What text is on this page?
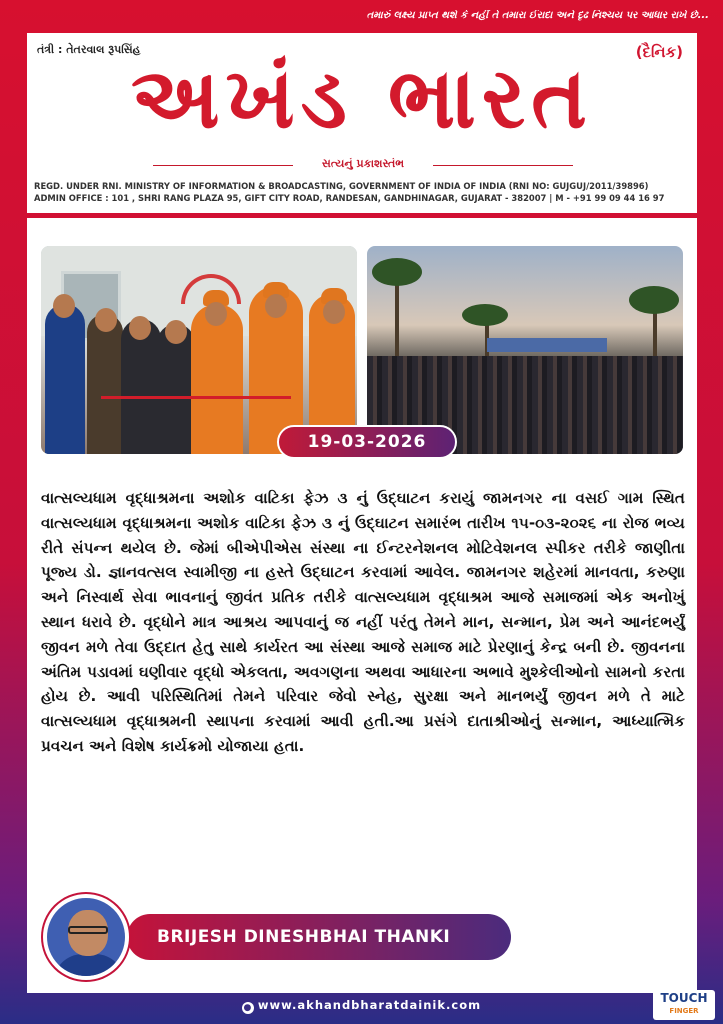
તમારું લક્ષ્ય પ્રાપ્ત થશે કે નહીં તે તમારા ઈરાદા અને દૃઢ નિશ્ચય પર આધાર રાખે છે...
તંત્રી : તેતરવાલ રૂપસિંહ	(દૈનિક)
અખંડ ભારત
સત્યનું પ્રકાશસ્તંભ
REGD. UNDER RNI. MINISTRY OF INFORMATION & BROADCASTING, GOVERNMENT OF INDIA OF INDIA (RNI NO: GUJGUJ/2011/39896)
ADMIN OFFICE : 101 , SHRI RANG PLAZA 95, GIFT CITY ROAD, RANDESAN, GANDHINAGAR, GUJARAT - 382007 | M - +91 99 09 44 16 97
19-03-2026
વાત્સલ્યધામ વૃદ્ધાશ્રમના અશોક વાટિકા ફેઝ ૩ નું ઉદ્ઘાટન કરાયું જામનગર ના વસઈ ગામ સ્થિત વાત્સલ્યધામ વૃદ્ધાશ્રમના અશોક વાટિકા ફેઝ ૩ નું ઉદ્ઘાટન સમારંભ તારીખ ૧૫-૦૩-૨૦૨૬ ના રોજ ભવ્ય રીતે સંપન્ન થયેલ છે. જેમાં બીએપીએસ સંસ્થા ના ઈન્ટરનેશનલ મોટિવેશનલ સ્પીકર તરીકે જાણીતા પૂજ્ય ડો. જ્ઞાનવત્સલ સ્વામીજી ના હસ્તે ઉદ્ઘાટન કરવામાં આવેલ. જામનગર શહેરમાં માનવતા, કરુણા અને નિસ્વાર્થ સેવા ભાવનાનું જીવંત પ્રતિક તરીકે વાત્સલ્યધામ વૃદ્ધાશ્રમ આજે સમાજમાં એક અનોખું સ્થાન ધરાવે છે. વૃદ્ધોને માત્ર આશ્રય આપવાનું જ નહીં પરંતુ તેમને માન, સન્માન, પ્રેમ અને આનંદભર્યું જીવન મળે તેવા ઉદ્દાત હેતુ સાથે કાર્યરત આ સંસ્થા આજે સમાજ માટે પ્રેરણાનું કેન્દ્ર બની છે. જીવનના અંતિમ પડાવમાં ઘણીવાર વૃદ્ધો એકલતા, અવગણના અથવા આધારના અભાવે મુશ્કેલીઓનો સામનો કરતા હોય છે. આવી પરિસ્થિતિમાં તેમને પરિવાર જેવો સ્નેહ, સુરક્ષા અને માનભર્યું જીવન મળે તે માટે વાત્સલ્યધામ વૃદ્ધાશ્રમની સ્થાપના કરવામાં આવી હતી.આ પ્રસંગે દાતાશ્રીઓનું સન્માન, આધ્યાત્મિક પ્રવચન અને વિશેષ કાર્યક્રમો યોજાયા હતા.
BRIJESH DINESHBHAI THANKI
● www.akhandbharatdainik.com	TOUCH
FINGER
